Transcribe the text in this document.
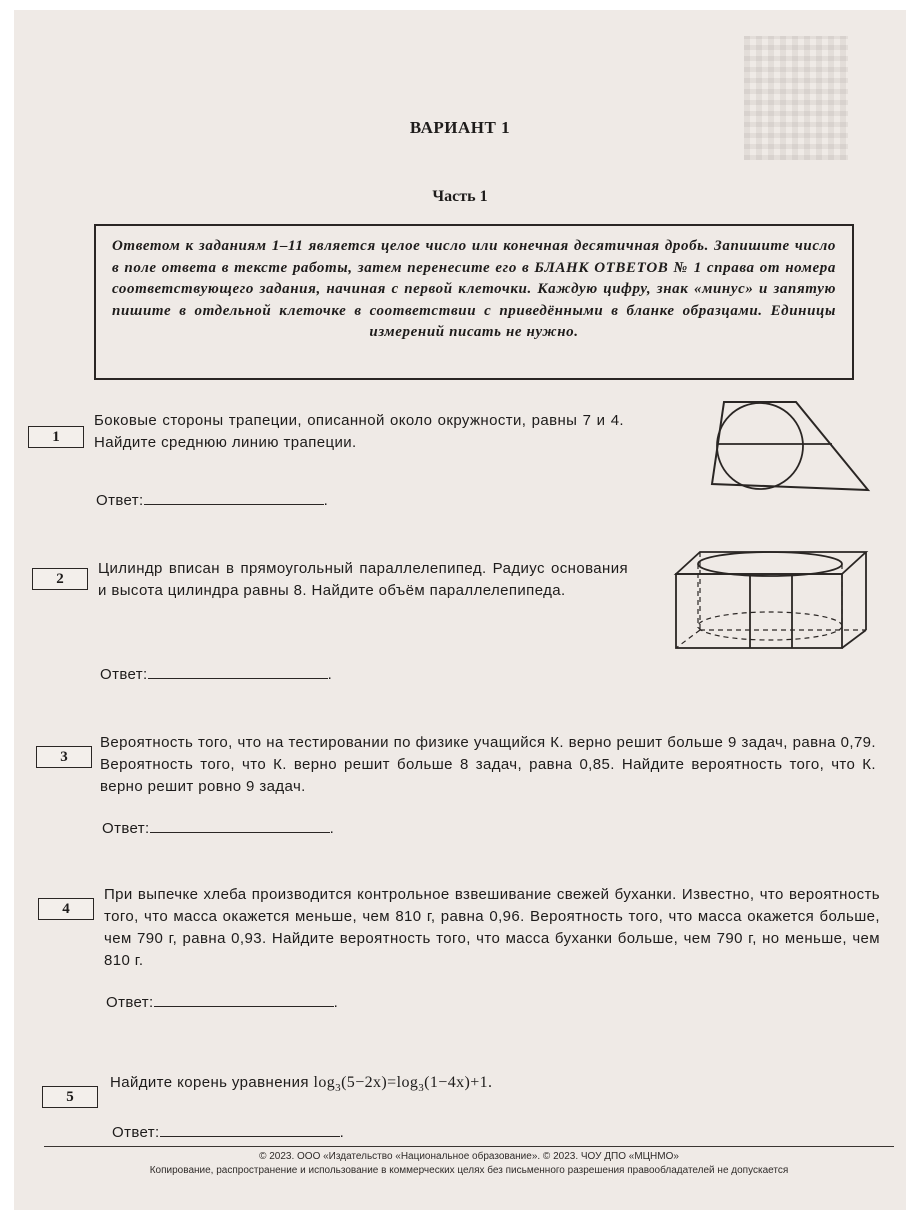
ВАРИАНТ 1
Часть 1
Ответом к заданиям 1–11 является целое число или конечная десятичная дробь. Запишите число в поле ответа в тексте работы, затем перенесите его в БЛАНК ОТВЕТОВ № 1 справа от номера соответствующего задания, начиная с первой клеточки. Каждую цифру, знак «минус» и запятую пишите в отдельной клеточке в соответствии с приведёнными в бланке образцами. Единицы измерений писать не нужно.
1
Боковые стороны трапеции, описанной около окружности, равны 7 и 4. Найдите среднюю линию трапеции.
Ответ:	.
2
Цилиндр вписан в прямоугольный параллелепипед. Радиус основания и высота цилиндра равны 8. Найдите объём параллелепипеда.
Ответ:	.
3
Вероятность того, что на тестировании по физике учащийся К. верно решит больше 9 задач, равна 0,79. Вероятность того, что К. верно решит больше 8 задач, равна 0,85. Найдите вероятность того, что К. верно решит ровно 9 задач.
Ответ:	.
4
При выпечке хлеба производится контрольное взвешивание свежей буханки. Известно, что вероятность того, что масса окажется меньше, чем 810 г, равна 0,96. Вероятность того, что масса окажется больше, чем 790 г, равна 0,93. Найдите вероятность того, что масса буханки больше, чем 790 г, но меньше, чем 810 г.
Ответ:	.
5
Найдите корень уравнения $\log_3(5-2x)=\log_3(1-4x)+1$.
Ответ:	.
© 2023. ООО «Издательство «Национальное образование». © 2023. ЧОУ ДПО «МЦНМО»
Копирование, распространение и использование в коммерческих целях без письменного разрешения правообладателей не допускается
